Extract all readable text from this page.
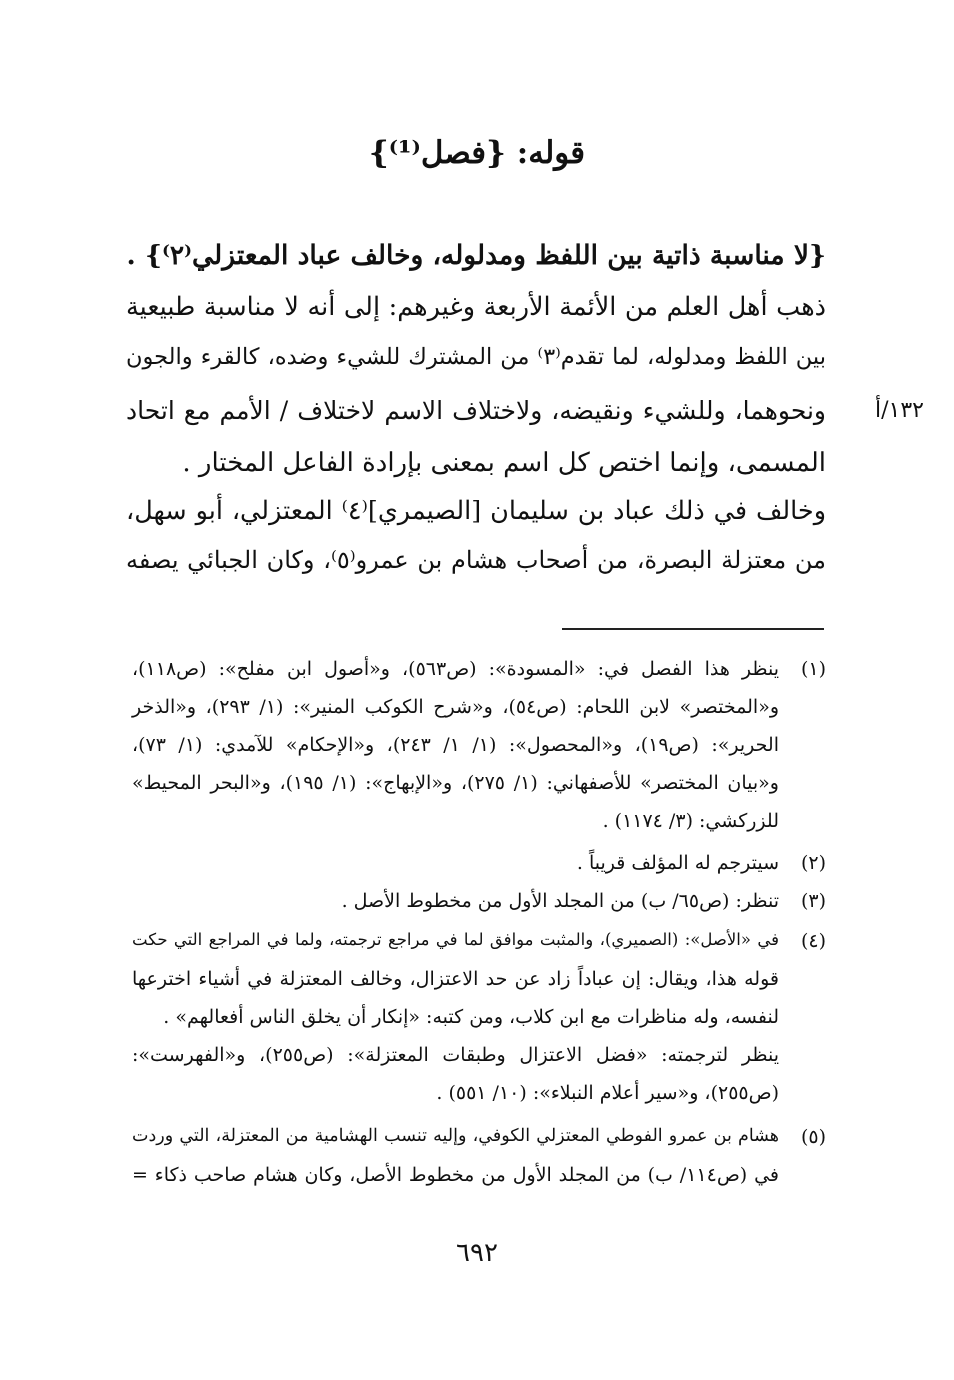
قوله: {فصل⁽¹⁾}
{لا مناسبة ذاتية بين اللفظ ومدلوله، وخالف عباد المعتزلي⁽٢⁾} .
١٣٢/أ
ذهب أهل العلم من الأئمة الأربعة وغيرهم: إلى أنه لا مناسبة طبيعية
بين اللفظ ومدلوله، لما تقدم⁽٣⁾ من المشترك للشيء وضده، كالقرء والجون
ونحوهما، وللشيء ونقيضه، ولاختلاف الاسم لاختلاف / الأمم مع اتحاد
المسمى، وإنما اختص كل اسم بمعنى بإرادة الفاعل المختار .
وخالف في ذلك عباد بن سليمان [الصيمري]⁽٤⁾ المعتزلي، أبو سهل،
من معتزلة البصرة، من أصحاب هشام بن عمرو⁽٥⁾، وكان الجبائي يصفه
(١)
ينظر هذا الفصل في: «المسودة»: (ص٥٦٣)، و«أصول ابن مفلح»: (ص١١٨)،
و«المختصر» لابن اللحام: (ص٥٤)، و«شرح الكوكب المنير»: (١/ ٢٩٣)، و«الذخر
الحرير»: (ص١٩)، و«المحصول»: (١/ ١/ ٢٤٣)، و«الإحكام» للآمدي: (١/ ٧٣)،
و«بيان المختصر» للأصفهاني: (١/ ٢٧٥)، و«الإبهاج»: (١/ ١٩٥)، و«البحر المحيط»
للزركشي: (٣/ ١١٧٤) .
(٢)
سيترجم له المؤلف قريباً .
(٣)
تنظر: (ص٦٥/ ب) من المجلد الأول من مخطوط الأصل .
(٤)
في «الأصل»: (الصميري)، والمثبت موافق لما في مراجع ترجمته، ولما في المراجع التي حكت
قوله هذا، ويقال: إن عباداً زاد عن حد الاعتزال، وخالف المعتزلة في أشياء اخترعها
لنفسه، وله مناظرات مع ابن كلاب، ومن كتبه: «إنكار أن يخلق الناس أفعالهم» .
ينظر لترجمته: «فضل الاعتزال وطبقات المعتزلة»: (ص٢٥٥)، و«الفهرست»:
(ص٢٥٥)، و«سير أعلام النبلاء»: (١٠/ ٥٥١) .
(٥)
هشام بن عمرو الفوطي المعتزلي الكوفي، وإليه تنسب الهشامية من المعتزلة، التي وردت
في (ص١١٤/ ب) من المجلد الأول من مخطوط الأصل، وكان هشام صاحب ذكاء =
٦٩٢
